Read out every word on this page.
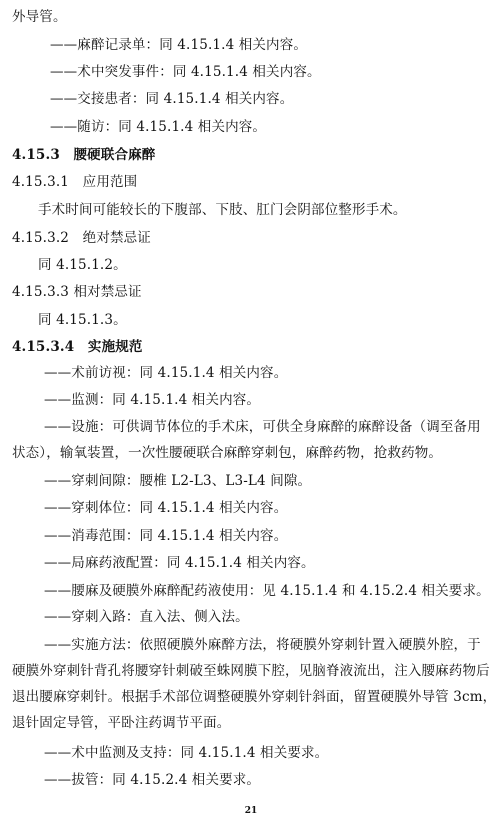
外导管。
——麻醉记录单：同 4.15.1.4 相关内容。
——术中突发事件：同 4.15.1.4 相关内容。
——交接患者：同 4.15.1.4 相关内容。
——随访：同 4.15.1.4 相关内容。
4.15.3　腰硬联合麻醉
4.15.3.1　应用范围
手术时间可能较长的下腹部、下肢、肛门会阴部位整形手术。
4.15.3.2　绝对禁忌证
同 4.15.1.2。
4.15.3.3 相对禁忌证
同 4.15.1.3。
4.15.3.4　实施规范
——术前访视：同 4.15.1.4 相关内容。
——监测：同 4.15.1.4 相关内容。
——设施：可供调节体位的手术床，可供全身麻醉的麻醉设备（调至备用
状态），输氧装置，一次性腰硬联合麻醉穿刺包，麻醉药物，抢救药物。
——穿刺间隙：腰椎 L2-L3、L3-L4 间隙。
——穿刺体位：同 4.15.1.4 相关内容。
——消毒范围：同 4.15.1.4 相关内容。
——局麻药液配置：同 4.15.1.4 相关内容。
——腰麻及硬膜外麻醉配药液使用：见 4.15.1.4 和 4.15.2.4 相关要求。
——穿刺入路：直入法、侧入法。
——实施方法：依照硬膜外麻醉方法，将硬膜外穿刺针置入硬膜外腔，于
硬膜外穿刺针背孔将腰穿针刺破至蛛网膜下腔，见脑脊液流出，注入腰麻药物后
退出腰麻穿刺针。根据手术部位调整硬膜外穿刺针斜面，留置硬膜外导管 3cm，
退针固定导管，平卧注药调节平面。
——术中监测及支持：同 4.15.1.4 相关要求。
——拔管：同 4.15.2.4 相关要求。
21
